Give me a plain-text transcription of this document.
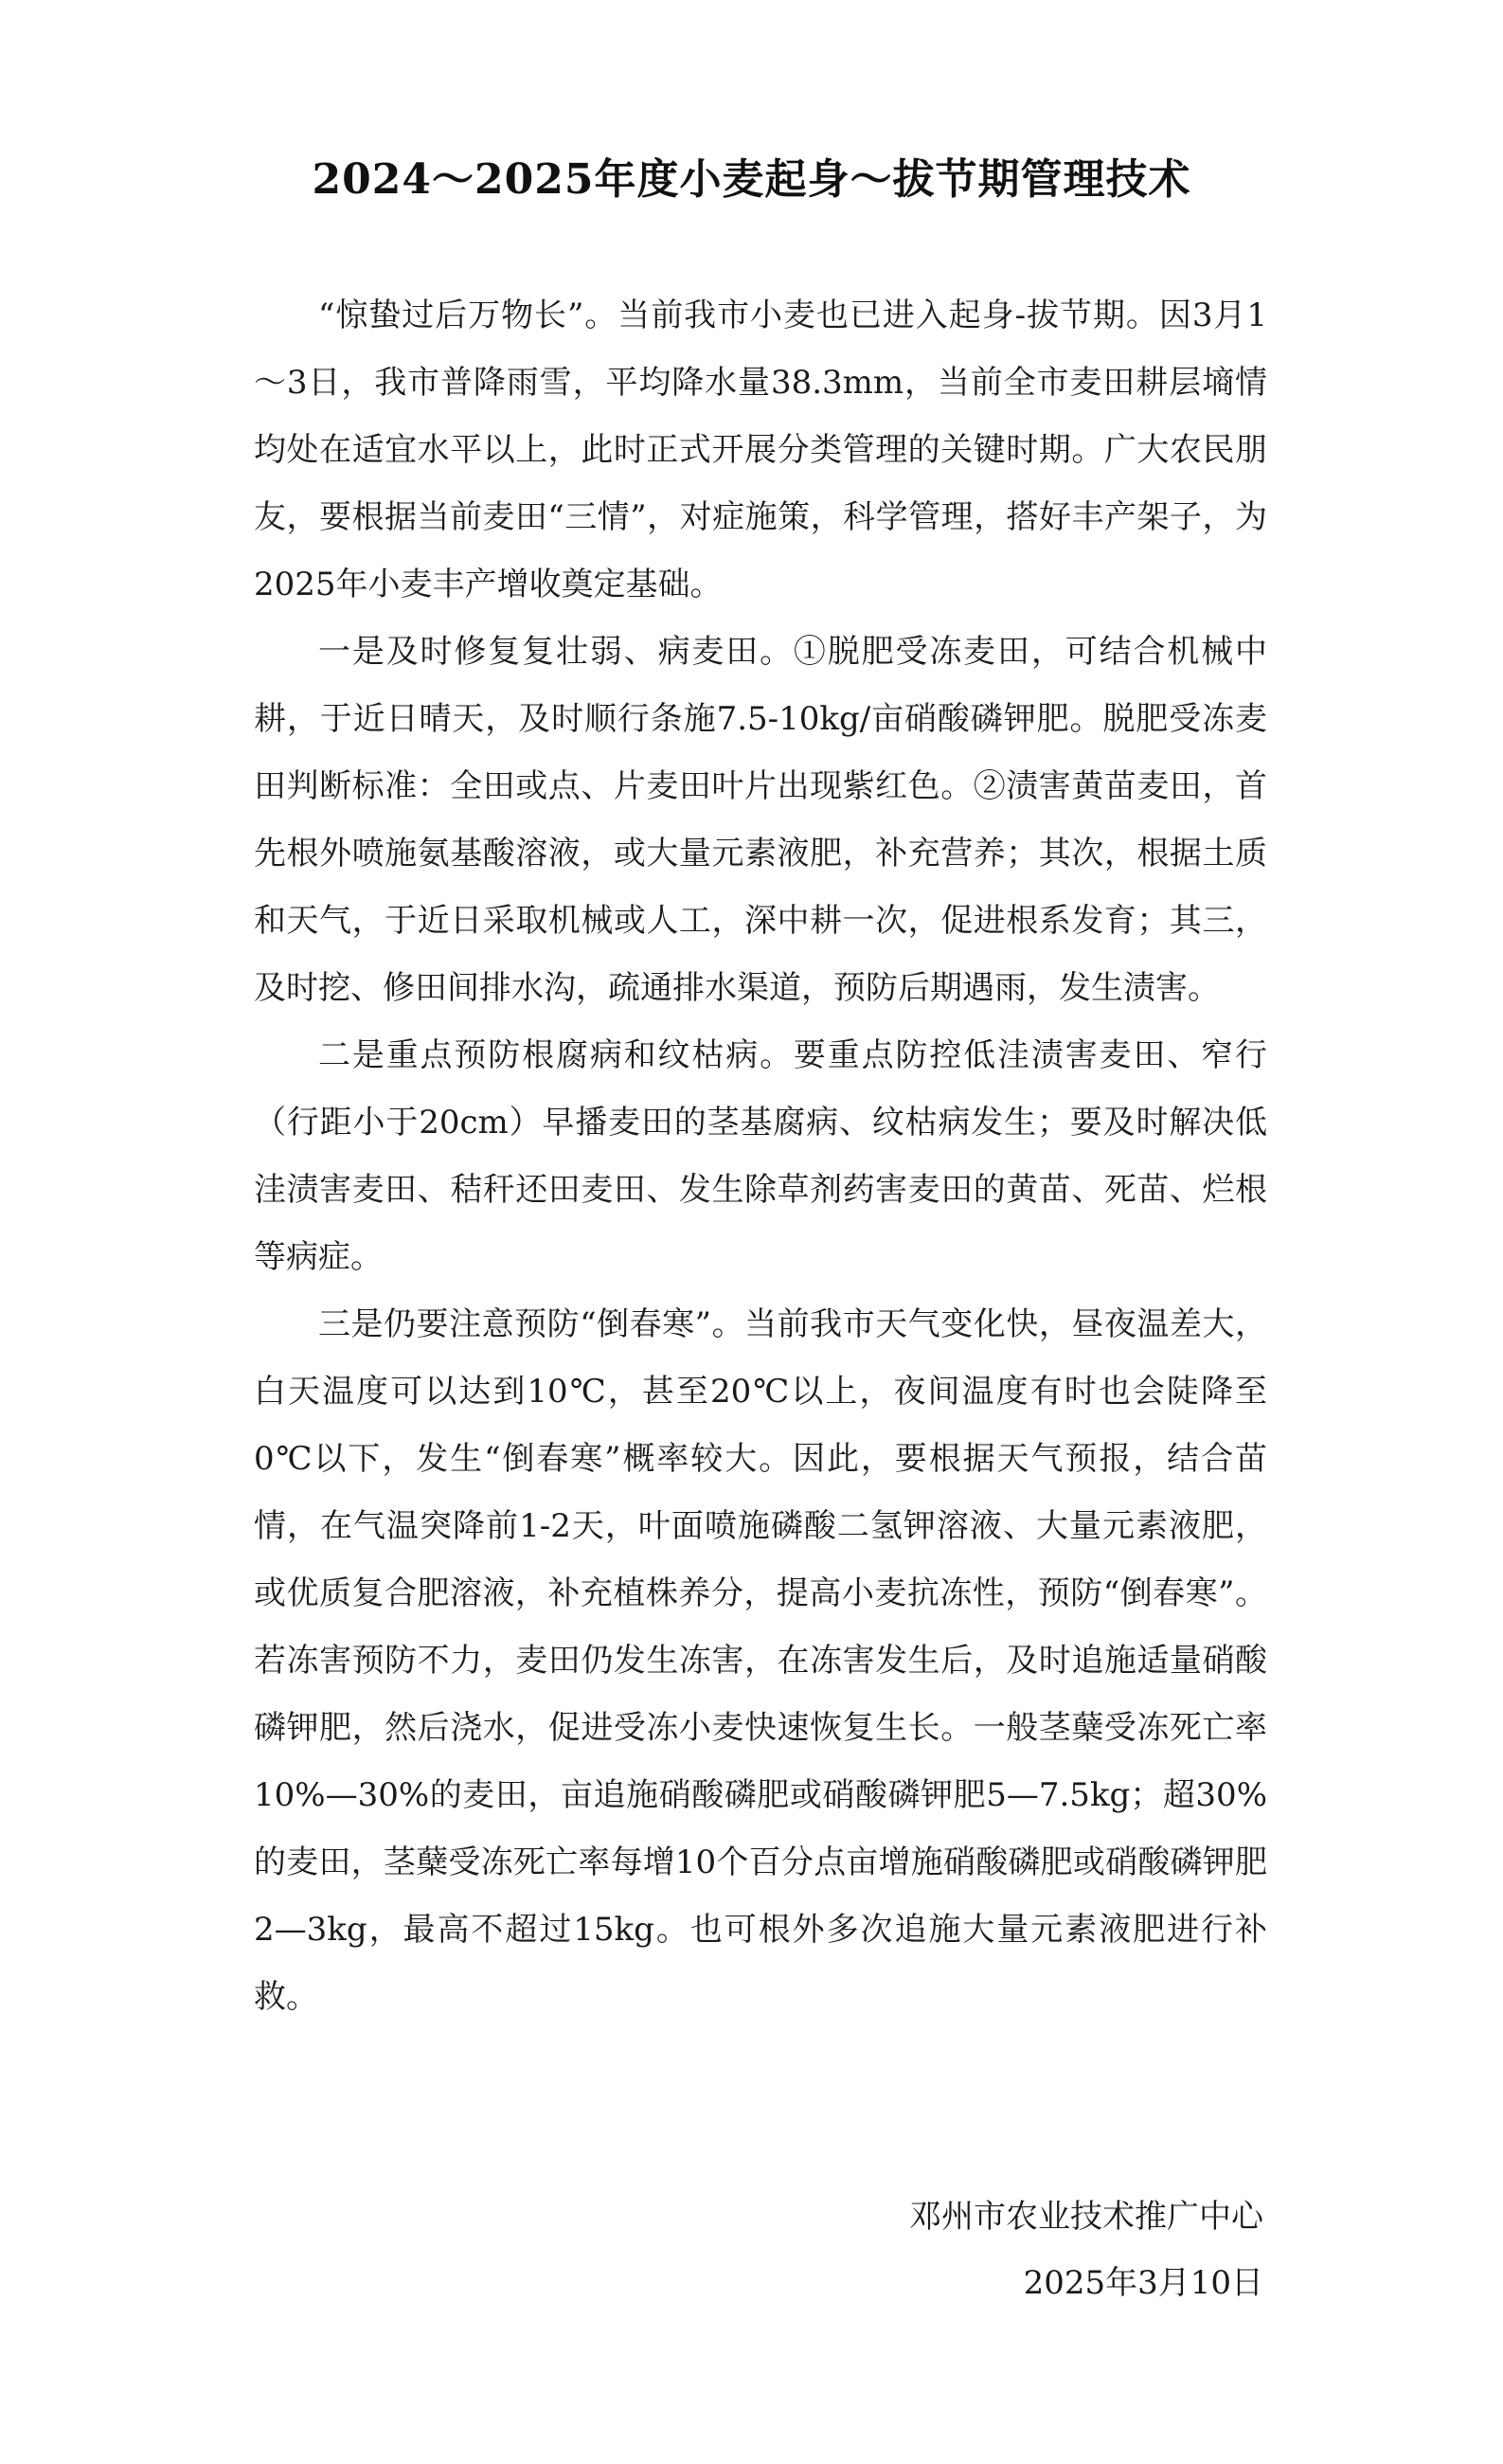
2024～2025年度小麦起身～拔节期管理技术

“惊蛰过后万物长”。当前我市小麦也已进入起身-拔节期。因3月1～3日，我市普降雨雪，平均降水量38.3mm，当前全市麦田耕层墒情均处在适宜水平以上，此时正式开展分类管理的关键时期。广大农民朋友，要根据当前麦田“三情”，对症施策，科学管理，搭好丰产架子，为2025年小麦丰产增收奠定基础。

一是及时修复复壮弱、病麦田。①脱肥受冻麦田，可结合机械中耕，于近日晴天，及时顺行条施7.5-10kg/亩硝酸磷钾肥。脱肥受冻麦田判断标准：全田或点、片麦田叶片出现紫红色。②渍害黄苗麦田，首先根外喷施氨基酸溶液，或大量元素液肥，补充营养；其次，根据土质和天气，于近日采取机械或人工，深中耕一次，促进根系发育；其三，及时挖、修田间排水沟，疏通排水渠道，预防后期遇雨，发生渍害。

二是重点预防根腐病和纹枯病。要重点防控低洼渍害麦田、窄行（行距小于20cm）早播麦田的茎基腐病、纹枯病发生；要及时解决低洼渍害麦田、秸秆还田麦田、发生除草剂药害麦田的黄苗、死苗、烂根等病症。

三是仍要注意预防“倒春寒”。当前我市天气变化快，昼夜温差大，白天温度可以达到10℃，甚至20℃以上，夜间温度有时也会陡降至0℃以下，发生“倒春寒”概率较大。因此，要根据天气预报，结合苗情，在气温突降前1-2天，叶面喷施磷酸二氢钾溶液、大量元素液肥，或优质复合肥溶液，补充植株养分，提高小麦抗冻性，预防“倒春寒”。若冻害预防不力，麦田仍发生冻害，在冻害发生后，及时追施适量硝酸磷钾肥，然后浇水，促进受冻小麦快速恢复生长。一般茎蘖受冻死亡率10%—30%的麦田，亩追施硝酸磷肥或硝酸磷钾肥5—7.5kg；超30%的麦田，茎蘖受冻死亡率每增10个百分点亩增施硝酸磷肥或硝酸磷钾肥2—3kg，最高不超过15kg。也可根外多次追施大量元素液肥进行补救。

邓州市农业技术推广中心
2025年3月10日
